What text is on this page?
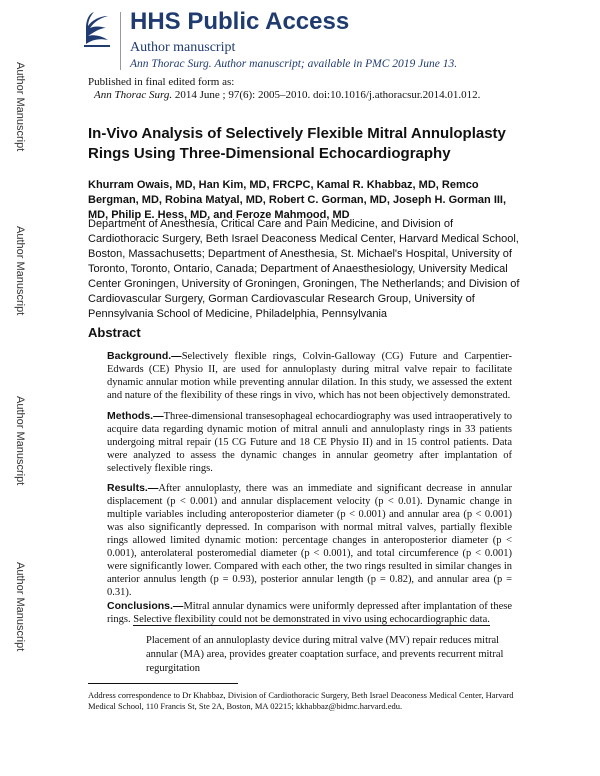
Author Manuscript
Author Manuscript
Author Manuscript
Author Manuscript
HHS Public Access
Author manuscript
Ann Thorac Surg. Author manuscript; available in PMC 2019 June 13.
Published in final edited form as:
Ann Thorac Surg. 2014 June ; 97(6): 2005–2010. doi:10.1016/j.athoracsur.2014.01.012.
In-Vivo Analysis of Selectively Flexible Mitral Annuloplasty Rings Using Three-Dimensional Echocardiography
Khurram Owais, MD, Han Kim, MD, FRCPC, Kamal R. Khabbaz, MD, Remco Bergman, MD, Robina Matyal, MD, Robert C. Gorman, MD, Joseph H. Gorman III, MD, Philip E. Hess, MD, and Feroze Mahmood, MD
Department of Anesthesia, Critical Care and Pain Medicine, and Division of Cardiothoracic Surgery, Beth Israel Deaconess Medical Center, Harvard Medical School, Boston, Massachusetts; Department of Anesthesia, St. Michael's Hospital, University of Toronto, Toronto, Ontario, Canada; Department of Anaesthesiology, University Medical Center Groningen, University of Groningen, Groningen, The Netherlands; and Division of Cardiovascular Surgery, Gorman Cardiovascular Research Group, University of Pennsylvania School of Medicine, Philadelphia, Pennsylvania
Abstract
Background.—Selectively flexible rings, Colvin-Galloway (CG) Future and Carpentier-Edwards (CE) Physio II, are used for annuloplasty during mitral valve repair to facilitate dynamic annular motion while preventing annular dilation. In this study, we assessed the extent and nature of the flexibility of these rings in vivo, which has not been objectively demonstrated.
Methods.—Three-dimensional transesophageal echocardiography was used intraoperatively to acquire data regarding dynamic motion of mitral annuli and annuloplasty rings in 33 patients undergoing mitral repair (15 CG Future and 18 CE Physio II) and in 15 control patients. Data were analyzed to assess the dynamic changes in annular geometry after implantation of selectively flexible rings.
Results.—After annuloplasty, there was an immediate and significant decrease in annular displacement (p < 0.001) and annular displacement velocity (p < 0.01). Dynamic change in multiple variables including anteroposterior diameter (p < 0.001) and annular area (p < 0.001) was also significantly depressed. In comparison with normal mitral valves, partially flexible rings allowed limited dynamic motion: percentage changes in anteroposterior diameter (p < 0.001), anterolateral posteromedial diameter (p < 0.001), and total circumference (p < 0.001) were significantly lower. Compared with each other, the two rings resulted in similar changes in anterior annulus length (p = 0.93), posterior annular length (p = 0.82), and annular area (p = 0.31).
Conclusions.—Mitral annular dynamics were uniformly depressed after implantation of these rings. Selective flexibility could not be demonstrated in vivo using echocardiographic data.
Placement of an annuloplasty device during mitral valve (MV) repair reduces mitral annular (MA) area, provides greater coaptation surface, and prevents recurrent mitral regurgitation
Address correspondence to Dr Khabbaz, Division of Cardiothoracic Surgery, Beth Israel Deaconess Medical Center, Harvard Medical School, 110 Francis St, Ste 2A, Boston, MA 02215; kkhabbaz@bidmc.harvard.edu.
